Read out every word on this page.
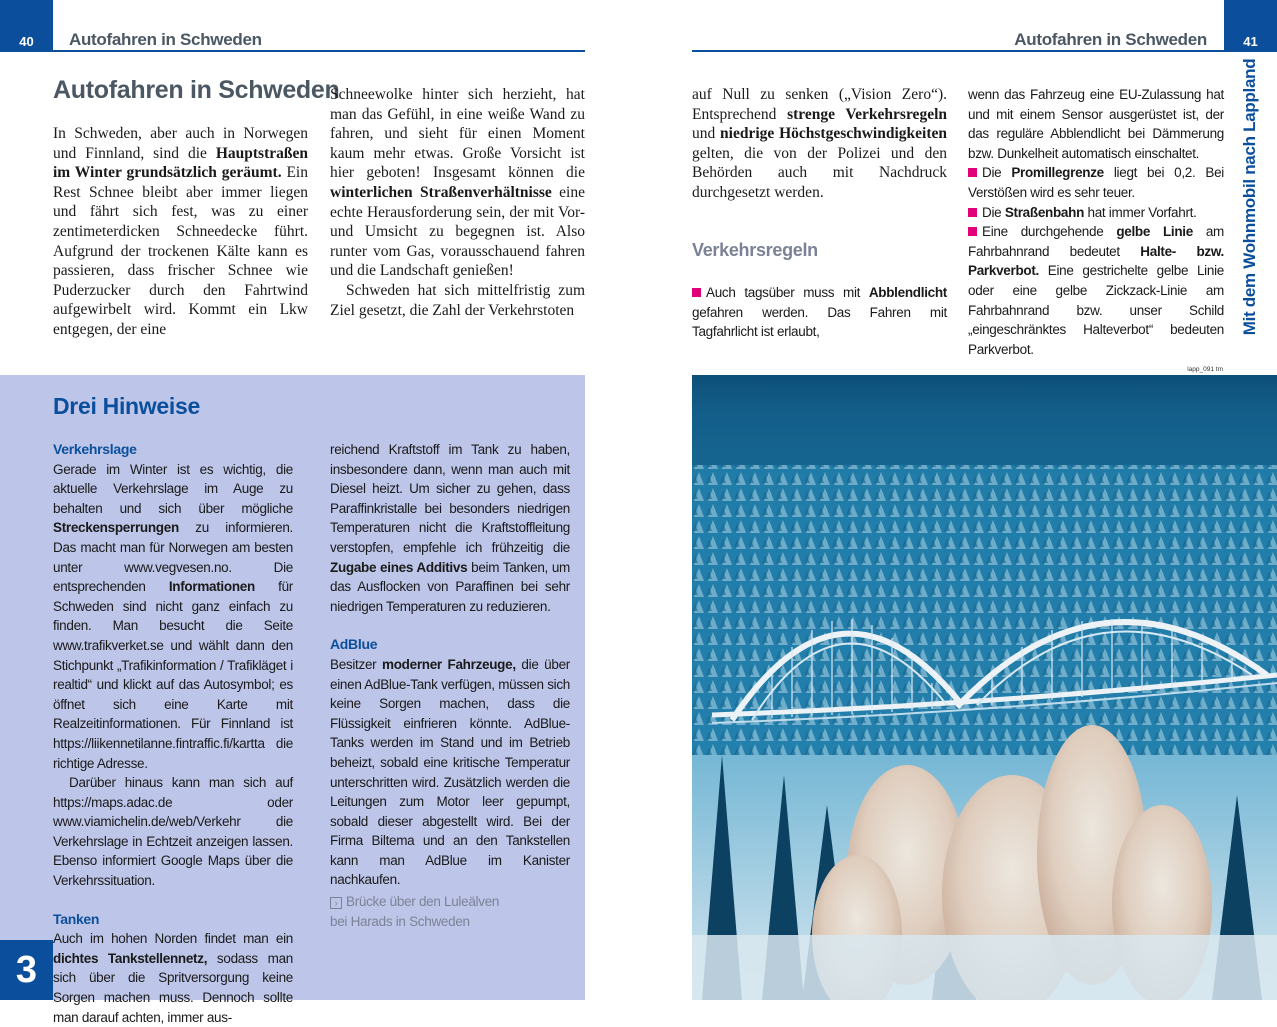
40	Autofahren in Schweden
Autofahren in Schweden

In Schweden, aber auch in Norwegen und Finnland, sind die Hauptstraßen im Winter grundsätzlich geräumt. Ein Rest Schnee bleibt aber immer liegen und fährt sich fest, was zu einer zentimeterdicken Schneedecke führt. Aufgrund der trockenen Kälte kann es passieren, dass frischer Schnee wie Puderzucker durch den Fahrtwind aufgewirbelt wird. Kommt ein Lkw entgegen, der eine

Schneewolke hinter sich herzieht, hat man das Gefühl, in eine weiße Wand zu fahren, und sieht für einen Moment kaum mehr etwas. Große Vorsicht ist hier geboten! Insgesamt können die winterlichen Straßenverhältnisse eine echte Herausforderung sein, der mit Vor- und Umsicht zu begegnen ist. Also runter vom Gas, vorausschauend fahren und die Landschaft genießen!

Schweden hat sich mittelfristig zum Ziel gesetzt, die Zahl der Verkehrstoten

Drei Hinweise
Verkehrslage

Gerade im Winter ist es wichtig, die aktuelle Verkehrslage im Auge zu behalten und sich über mögliche Streckensperrungen zu informieren. Das macht man für Norwegen am besten unter www.vegvesen.no. Die entsprechenden Informationen für Schweden sind nicht ganz einfach zu finden. Man besucht die Seite www.trafikverket.se und wählt dann den Stichpunkt „Trafikinformation / Trafikläget i realtid“ und klickt auf das Autosymbol; es öffnet sich eine Karte mit Realzeitinformationen. Für Finnland ist https://liikennetilanne.fintraffic.fi/kartta die richtige Adresse.

Darüber hinaus kann man sich auf https://maps.adac.de oder www.viamichelin.de/web/Verkehr die Verkehrslage in Echtzeit anzeigen lassen. Ebenso informiert Google Maps über die Verkehrssituation.

Tanken

Auch im hohen Norden findet man ein dichtes Tankstellennetz, sodass man sich über die Spritversorgung keine Sorgen machen muss. Dennoch sollte man darauf achten, immer aus-

reichend Kraftstoff im Tank zu haben, insbesondere dann, wenn man auch mit Diesel heizt. Um sicher zu gehen, dass Paraffinkristalle bei besonders niedrigen Temperaturen nicht die Kraftstoffleitung verstopfen, empfehle ich frühzeitig die Zugabe eines Additivs beim Tanken, um das Ausflocken von Paraffinen bei sehr niedrigen Temperaturen zu reduzieren.

AdBlue

Besitzer moderner Fahrzeuge, die über einen AdBlue-Tank verfügen, müssen sich keine Sorgen machen, dass die Flüssigkeit einfrieren könnte. AdBlue-Tanks werden im Stand und im Betrieb beheizt, sobald eine kritische Temperatur unterschritten wird. Zusätzlich werden die Leitungen zum Motor leer gepumpt, sobald dieser abgestellt wird. Bei der Firma Biltema und an den Tankstellen kann man AdBlue im Kanister nachkaufen.

› Brücke über den Luleälven
bei Harads in Schweden
3
41
Autofahren in Schweden
Mit dem Wohnmobil nach Lappland

auf Null zu senken („Vision Zero“). Entsprechend strenge Verkehrsregeln und niedrige Höchstgeschwindigkeiten gelten, die von der Polizei und den Behörden auch mit Nachdruck durchgesetzt werden.

Verkehrsregeln
Auch tagsüber muss mit Abblendlicht gefahren werden. Das Fahren mit Tagfahrlicht ist erlaubt,

wenn das Fahrzeug eine EU-Zulassung hat und mit einem Sensor ausgerüstet ist, der das reguläre Abblendlicht bei Dämmerung bzw. Dunkelheit automatisch einschaltet.

Die Promillegrenze liegt bei 0,2. Bei Verstößen wird es sehr teuer.

Die Straßenbahn hat immer Vorfahrt.

Eine durchgehende gelbe Linie am Fahrbahnrand bedeutet Halte- bzw. Parkverbot. Eine gestrichelte gelbe Linie oder eine gelbe Zickzack-Linie am Fahrbahnrand bzw. unser Schild „eingeschränktes Halteverbot“ bedeuten Parkverbot.

lapp_091 tm
